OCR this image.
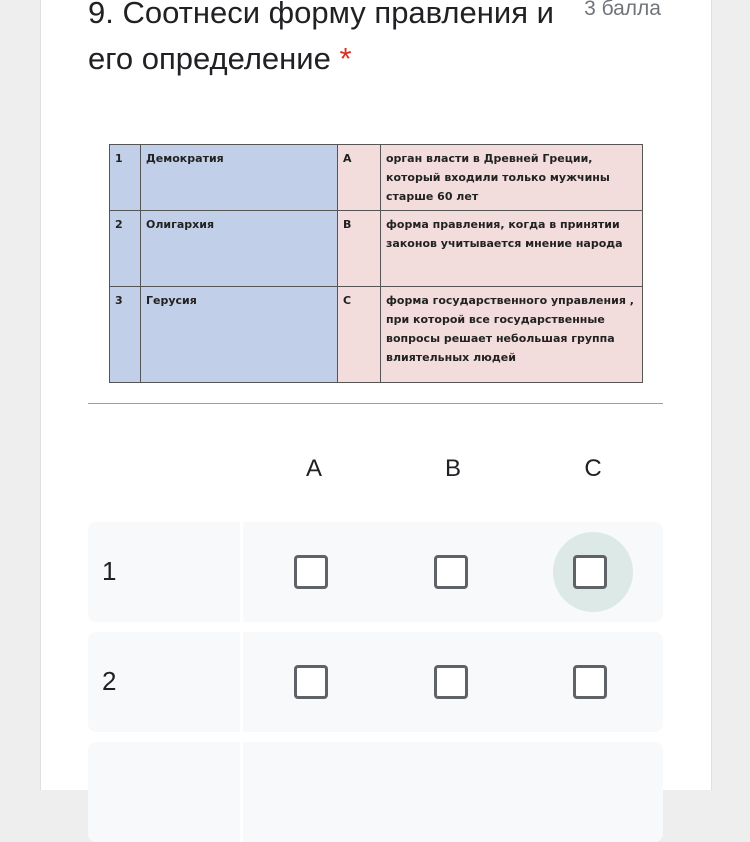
9. Соотнеси форму правления и его определение *
3 балла
1	Демократия	A	орган власти в Древней Греции, который входили только мужчины старше 60 лет
2	Олигархия	B	форма правления, когда в принятии законов учитывается мнение народа
3	Герусия	C	форма государственного управления , при которой все государственные вопросы решает небольшая группа влиятельных людей
A	B	C
1
2
